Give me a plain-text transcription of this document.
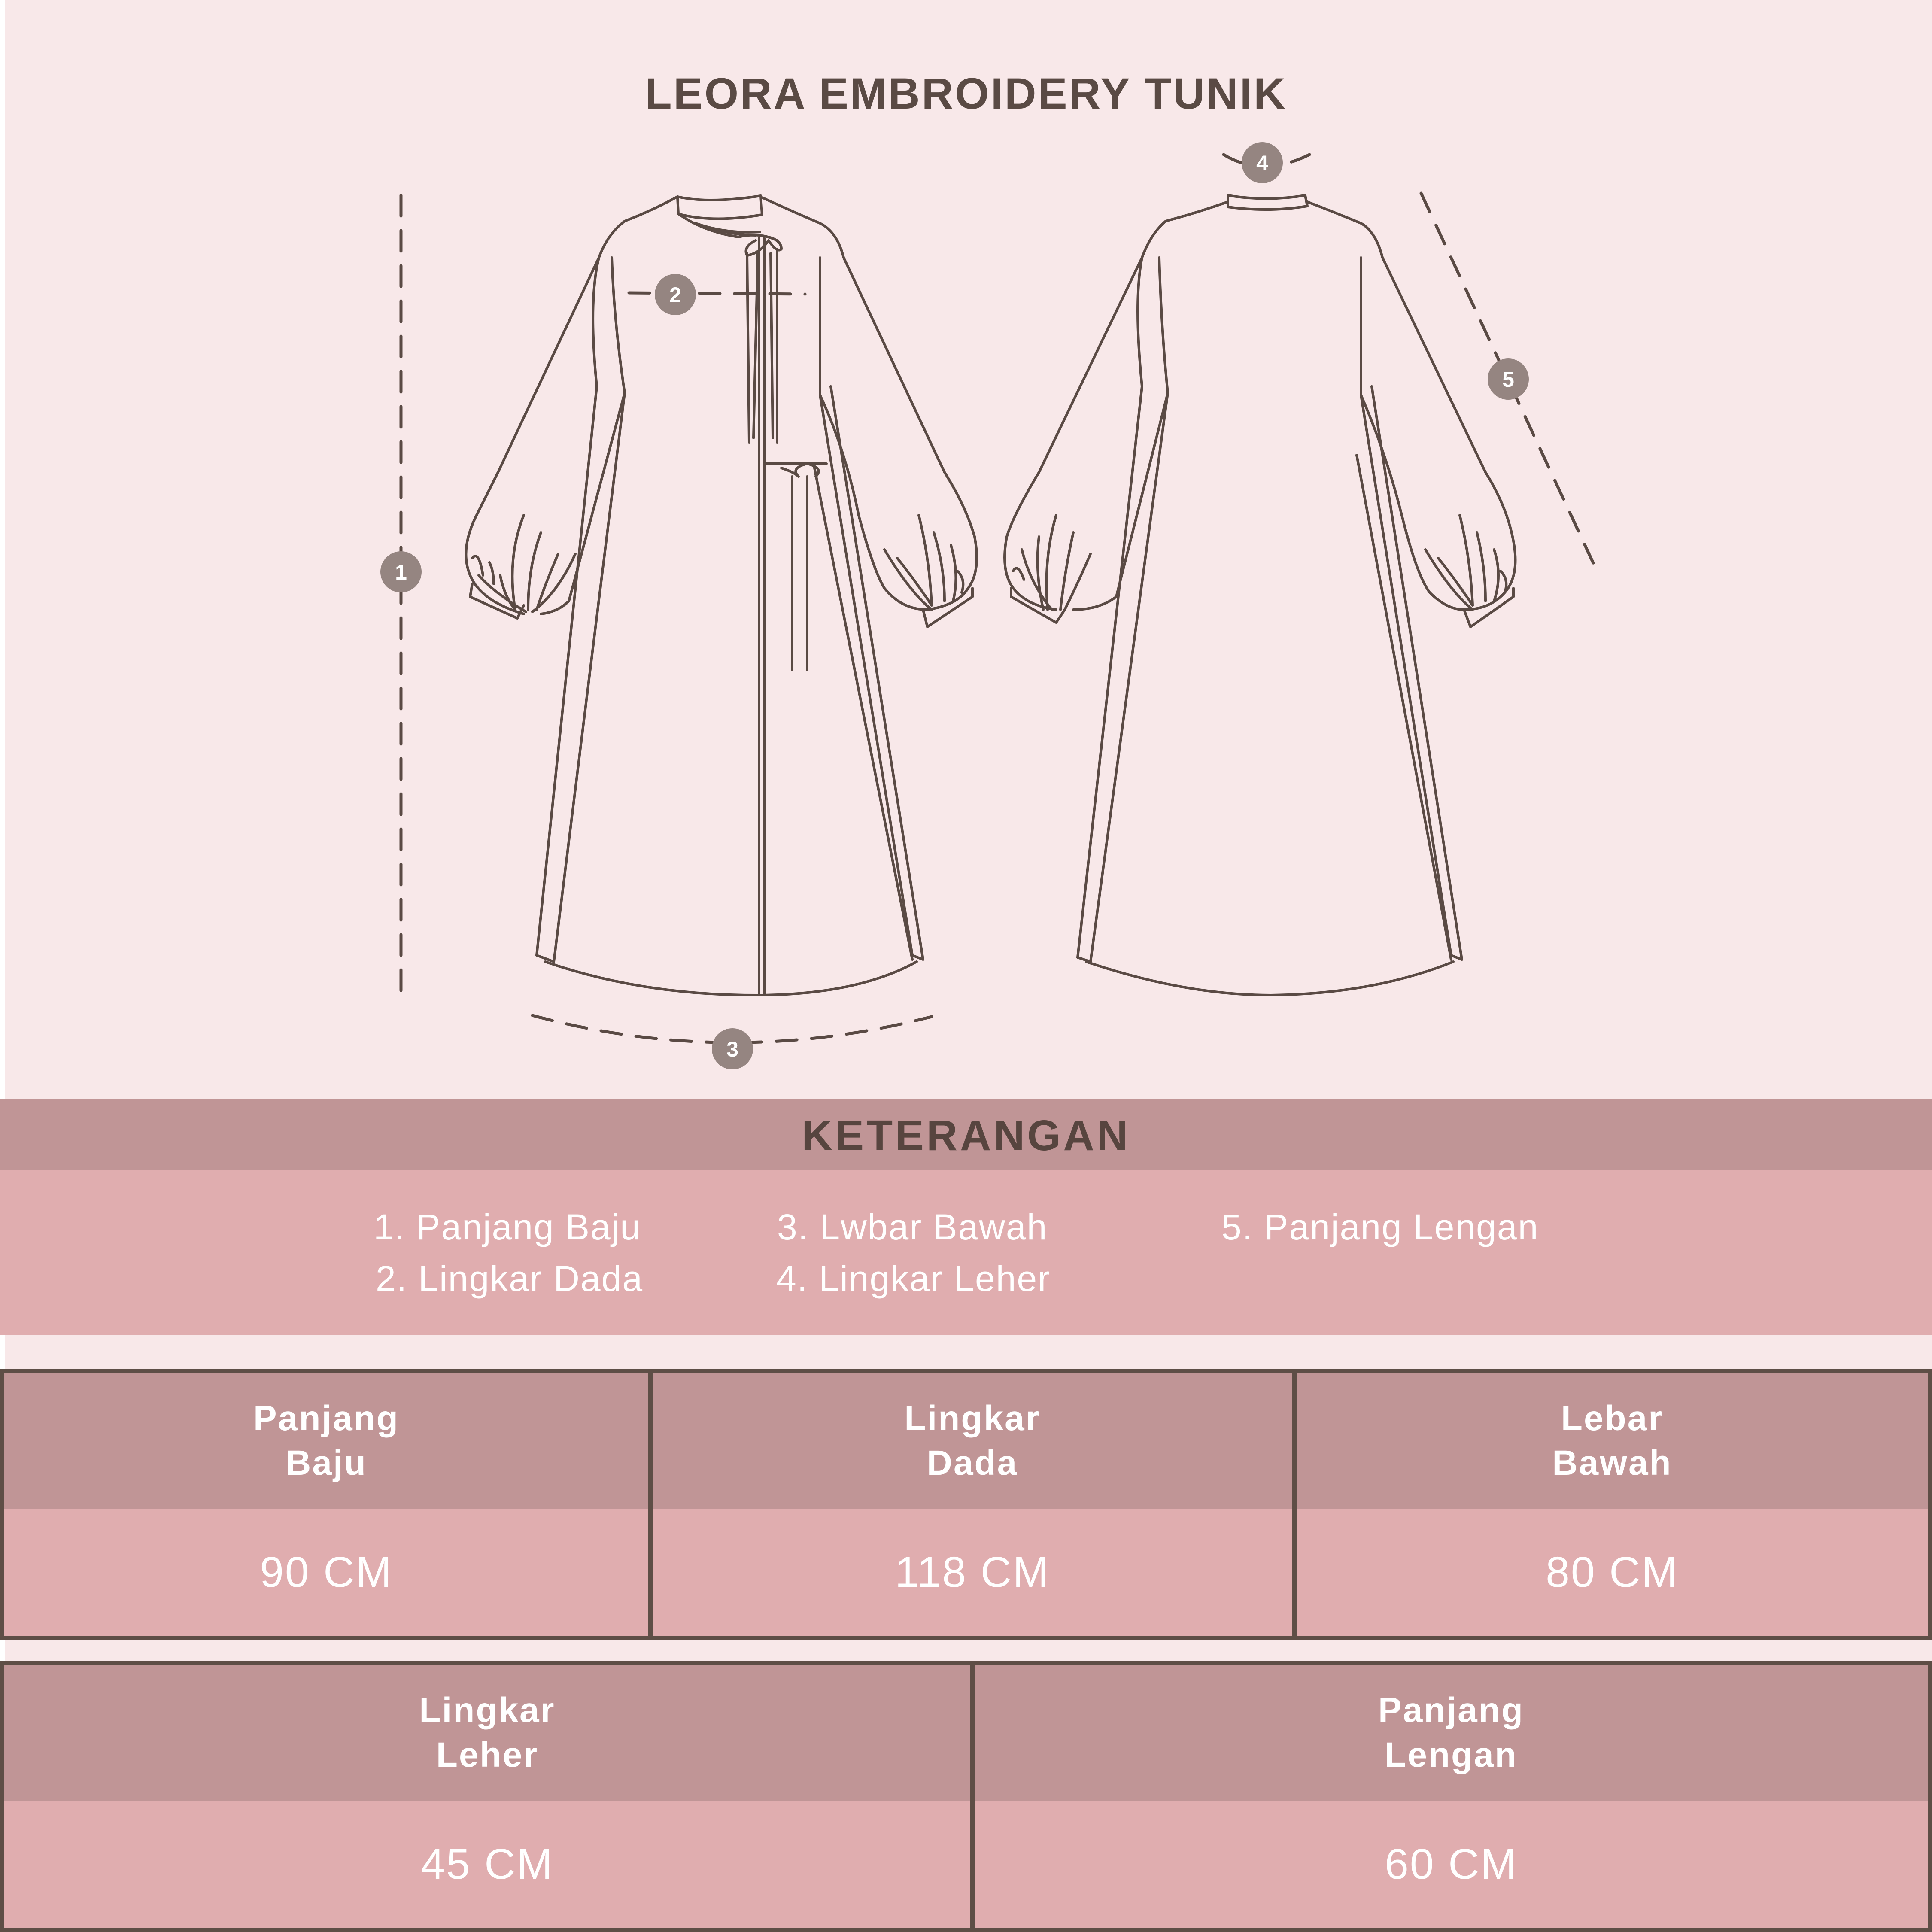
LEORA EMBROIDERY TUNIK
1
2
3
4
5
KETERANGAN
1. Panjang Baju
2. Lingkar Dada
3. Lwbar Bawah
4. Lingkar Leher
5. Panjang Lengan
Panjang
Baju
90 CM
Lingkar
Dada
118 CM
Lebar
Bawah
80 CM
Lingkar
Leher
45 CM
Panjang
Lengan
60 CM
